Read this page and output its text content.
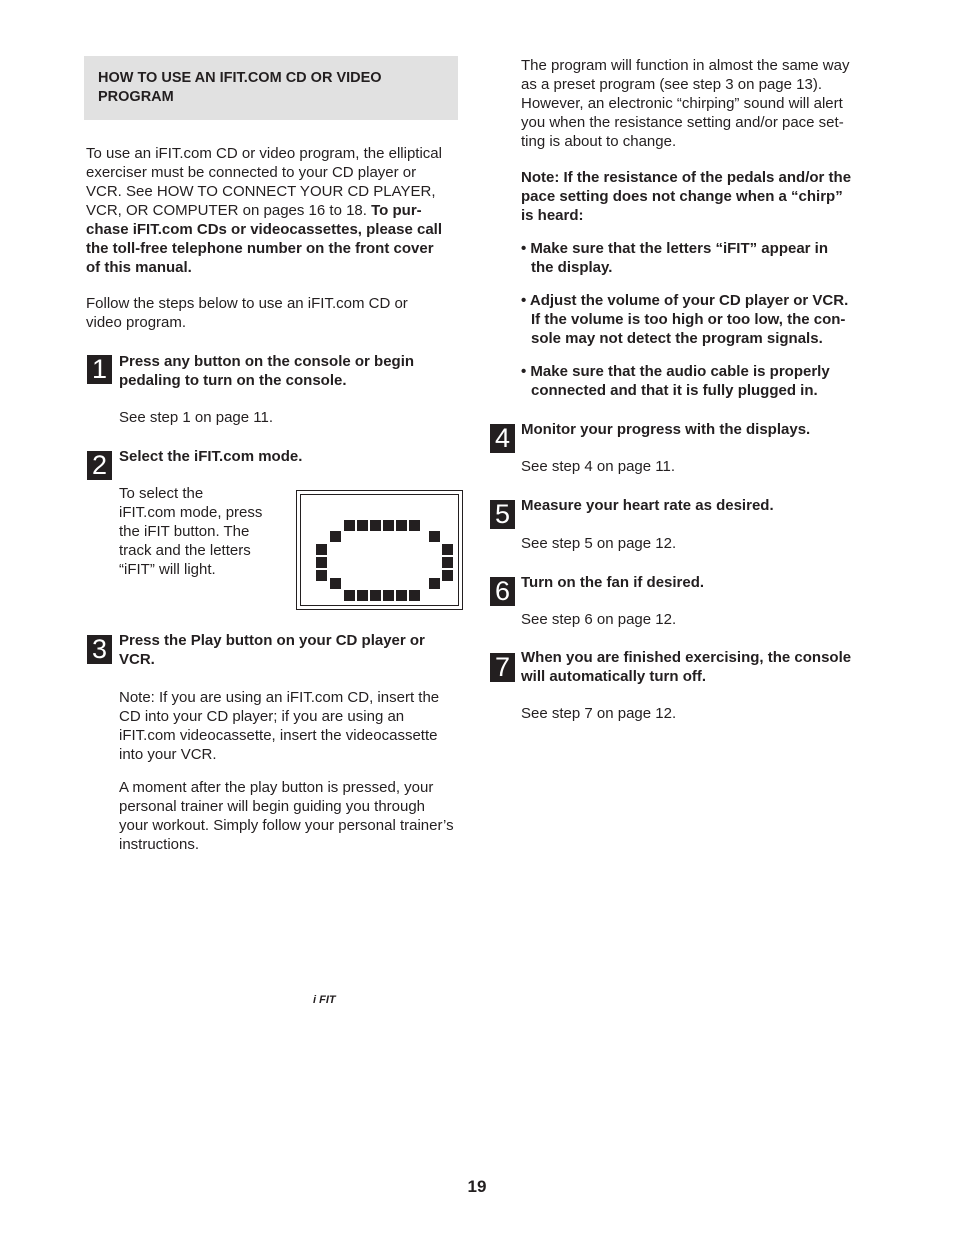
HOW TO USE AN IFIT.COM CD OR VIDEO PROGRAM

To use an iFIT.com CD or video program, the elliptical

exerciser must be connected to your CD player or

VCR. See HOW TO CONNECT YOUR CD PLAYER,

VCR, OR COMPUTER on pages 16 to 18. To pur-

chase iFIT.com CDs or videocassettes, please call

the toll-free telephone number on the front cover

of this manual.

Follow the steps below to use an iFIT.com CD or

video program.

1 Press any button on the console or begin

pedaling to turn on the console.

See step 1 on page 11.

2 Select the iFIT.com mode.

To select the

iFIT.com mode, press

the iFIT button. The

track and the letters

“iFIT” will light.

i FIT
3 Press the Play button on your CD player or

VCR.

Note: If you are using an iFIT.com CD, insert the

CD into your CD player; if you are using an

iFIT.com videocassette, insert the videocassette

into your VCR.

A moment after the play button is pressed, your

personal trainer will begin guiding you through

your workout. Simply follow your personal trainer’s

instructions.

The program will function in almost the same way

as a preset program (see step 3 on page 13).

However, an electronic “chirping” sound will alert

you when the resistance setting and/or pace set-

ting is about to change.

Note: If the resistance of the pedals and/or the

pace setting does not change when a “chirp”

is heard:

• Make sure that the letters “iFIT” appear in

the display.

• Adjust the volume of your CD player or VCR.

If the volume is too high or too low, the con-

sole may not detect the program signals.

• Make sure that the audio cable is properly

connected and that it is fully plugged in.

4 Monitor your progress with the displays.

See step 4 on page 11.

5 Measure your heart rate as desired.

See step 5 on page 12.

6 Turn on the fan if desired.

See step 6 on page 12.

7 When you are finished exercising, the console

will automatically turn off.

See step 7 on page 12.

19
